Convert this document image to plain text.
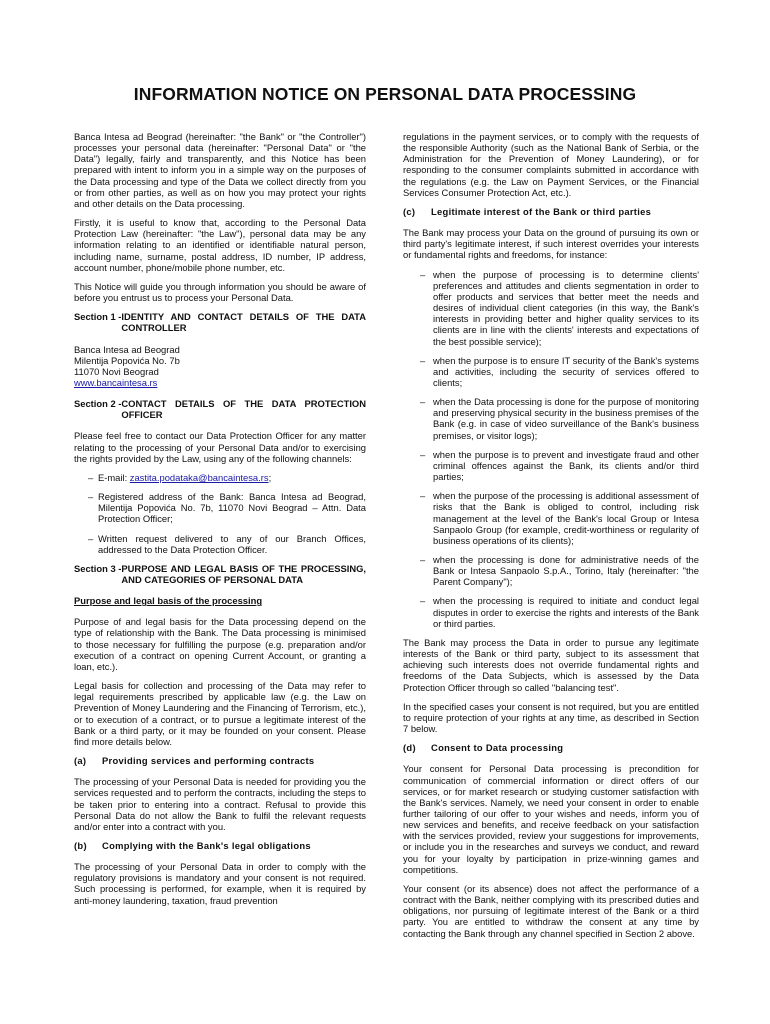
INFORMATION NOTICE ON PERSONAL DATA PROCESSING

Banca Intesa ad Beograd (hereinafter: "the Bank" or "the Controller") processes your personal data (hereinafter: "Personal Data" or "the Data") legally, fairly and transparently, and this Notice has been prepared with intent to inform you in a simple way on the purposes of the Data processing and type of the Data we collect directly from you or from other parties, as well as on how you may protect your rights and other details on the Data processing.

Firstly, it is useful to know that, according to the Personal Data Protection Law (hereinafter: "the Law"), personal data may be any information relating to an identified or identifiable natural person, including name, surname, postal address, ID number, IP address, account number, phone/mobile phone number, etc.

This Notice will guide you through information you should be aware of before you entrust us to process your Personal Data.

Section 1 - IDENTITY AND CONTACT DETAILS OF THE DATA CONTROLLER
Banca Intesa ad Beograd
Milentija Popovića No. 7b
11070 Novi Beograd
www.bancaintesa.rs
Section 2 - CONTACT DETAILS OF THE DATA PROTECTION OFFICER

Please feel free to contact our Data Protection Officer for any matter relating to the processing of your Personal Data and/or to exercising the rights provided by the Law, using any of the following channels:

– E-mail: zastita.podataka@bancaintesa.rs;
– Registered address of the Bank: Banca Intesa ad Beograd, Milentija Popovića No. 7b, 11070 Novi Beograd – Attn. Data Protection Officer;
– Written request delivered to any of our Branch Offices, addressed to the Data Protection Officer.
Section 3 - PURPOSE AND LEGAL BASIS OF THE PROCESSING, AND CATEGORIES OF PERSONAL DATA
Purpose and legal basis of the processing

Purpose of and legal basis for the Data processing depend on the type of relationship with the Bank. The Data processing is minimised to those necessary for fulfilling the purpose (e.g. preparation and/or execution of a contract on opening Current Account, or granting a loan, etc.).

Legal basis for collection and processing of the Data may refer to legal requirements prescribed by applicable law (e.g. the Law on Prevention of Money Laundering and the Financing of Terrorism, etc.), or to execution of a contract, or to pursue a legitimate interest of the Bank or a third party, or it may be founded on your consent. Please find more details below.

(a)	Providing services and performing contracts

The processing of your Personal Data is needed for providing you the services requested and to perform the contracts, including the steps to be taken prior to entering into a contract. Refusal to provide this Personal Data do not allow the Bank to fulfil the relevant requests and/or enter into a contract with you.

(b)	Complying with the Bank's legal obligations

The processing of your Personal Data in order to comply with the regulatory provisions is mandatory and your consent is not required. Such processing is performed, for example, when it is required by anti-money laundering, taxation, fraud prevention

regulations in the payment services, or to comply with the requests of the responsible Authority (such as the National Bank of Serbia, or the Administration for the Prevention of Money Laundering), or for responding to the consumer complaints submitted in accordance with the regulations (e.g. the Law on Payment Services, or the Financial Services Consumer Protection Act, etc.).

(c)	Legitimate interest of the Bank or third parties

The Bank may process your Data on the ground of pursuing its own or third party's legitimate interest, if such interest overrides your interests or fundamental rights and freedoms, for instance:

– when the purpose of processing is to determine clients' preferences and attitudes and clients segmentation in order to offer products and services that better meet the needs and desires of individual client categories (in this way, the Bank's interests in providing better and higher quality services to its clients are in line with the clients' interests and expectations of the best possible service);
– when the purpose is to ensure IT security of the Bank's systems and activities, including the security of services offered to clients;
– when the Data processing is done for the purpose of monitoring and preserving physical security in the business premises of the Bank (e.g. in case of video surveillance of the Bank's business premises, or visitor logs);
– when the purpose is to prevent and investigate fraud and other criminal offences against the Bank, its clients and/or third parties;
– when the purpose of the processing is additional assessment of risks that the Bank is obliged to control, including risk management at the level of the Bank's local Group or Intesa Sanpaolo Group (for example, credit-worthiness or regularity of business operations of its clients);
– when the processing is done for administrative needs of the Bank or Intesa Sanpaolo S.p.A., Torino, Italy (hereinafter: "the Parent Company");
– when the processing is required to initiate and conduct legal disputes in order to exercise the rights and interests of the Bank or third parties.

The Bank may process the Data in order to pursue any legitimate interests of the Bank or third party, subject to its assessment that achieving such interests does not override fundamental rights and freedoms of the Data Subjects, which is assessed by the Data Protection Officer through so called "balancing test".

In the specified cases your consent is not required, but you are entitled to require protection of your rights at any time, as described in Section 7 below.

(d)	Consent to Data processing

Your consent for Personal Data processing is precondition for communication of commercial information or direct offers of our services, or for market research or studying customer satisfaction with the Bank's services. Namely, we need your consent in order to enable further tailoring of our offer to your wishes and needs, inform you of new services and benefits, and receive feedback on your satisfaction with the services provided, review your suggestions for improvements, or include you in the researches and surveys we conduct, and reward you for your loyalty by participation in prize-winning games and competitions.

Your consent (or its absence) does not affect the performance of a contract with the Bank, neither complying with its prescribed duties and obligations, nor pursuing of legitimate interest of the Bank or a third party. You are entitled to withdraw the consent at any time by contacting the Bank through any channel specified in Section 2 above.
